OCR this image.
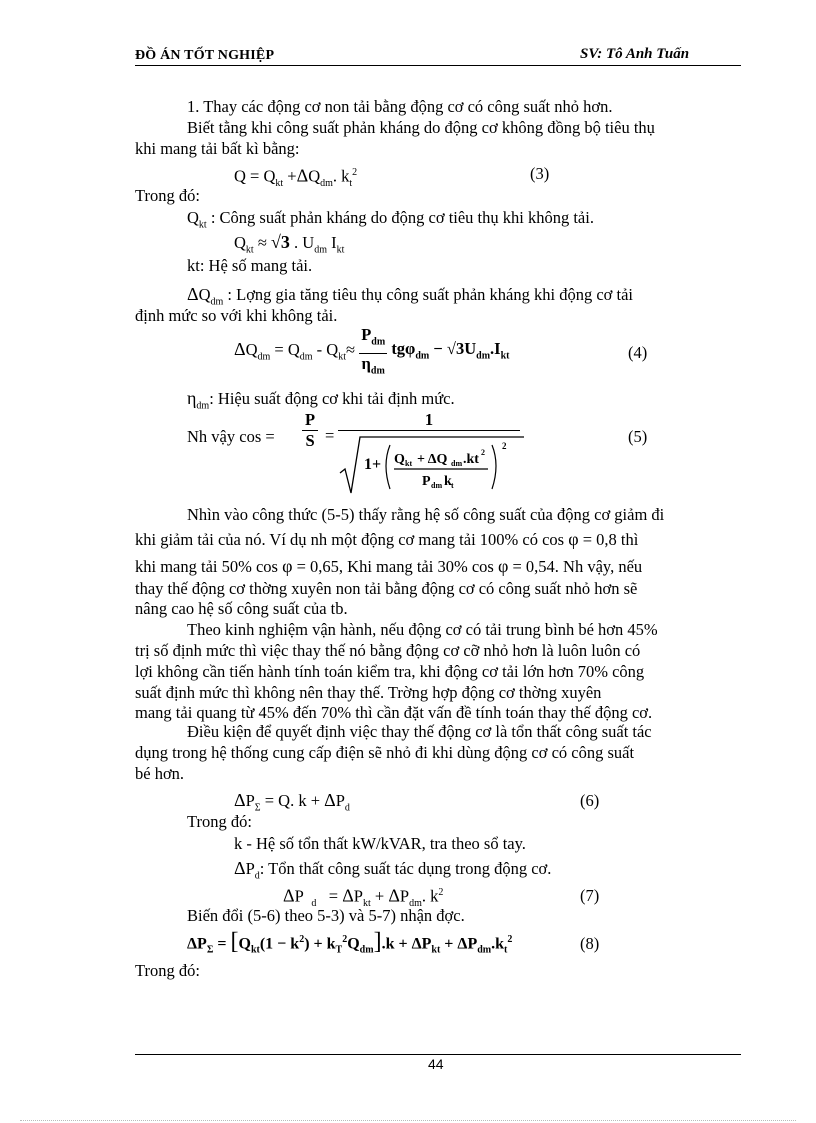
ĐỒ ÁN TỐT NGHIỆP	SV: Tô Anh Tuấn
1. Thay các động cơ non tải bằng động cơ có công suất nhỏ hơn.
Biết tằng khi công suất phản kháng do động cơ không đồng bộ tiêu thụ
khi mang tải bất kì bằng:
$Q = Q_{kt} +\Delta Q_{dm}$. $k_t^2$	(3)
Trong đó:
$Q_{kt}$ : Công suất phản kháng do động cơ tiêu thụ khi không tải.
$Q_{kt} \approx √3$ . $U_{dm}$ $I_{kt}$
kt: Hệ số mang tải.
$\Delta Q_{dm}$ : Lợng gia tăng tiêu thụ công suất phản kháng khi động cơ tải
định mức so với khi không tải.
$\Delta Q_{dm} = Q_{dm} - Q_{kt}\approx \frac{P_{dm}}{\eta_{dm}} tg\varphi_{dm} - √3U_{dm}.I_{kt}$	(4)
$\eta_{dm}$: Hiệu suất động cơ khi tải định mức.
Nh vậy cos =
P
S =
1
1+ Q kt + ΔQ dm .kt 2
P dm k t
2	(5)
Nhìn vào công thức (5-5) thấy rằng hệ số công suất của động cơ giảm đi
khi giảm tải của nó. Ví dụ nh một động cơ mang tải 100% có cos φ = 0,8 thì
khi mang tải 50% cos φ = 0,65, Khi mang tải 30% cos φ = 0,54. Nh vậy, nếu
thay thế động cơ thờng xuyên non tải bằng động cơ có công suất nhỏ hơn sẽ
nâng cao hệ số công suất của tb.
Theo kinh nghiệm vận hành, nếu động cơ có tải trung bình bé hơn 45%
trị số định mức thì việc thay thế nó bằng động cơ cỡ nhỏ hơn là luôn luôn có
lợi không cần tiến hành tính toán kiểm tra, khi động cơ tải lớn hơn 70% công
suất định mức thì không nên thay thế. Trờng hợp động cơ thờng xuyên
mang tải quang từ 45% đến 70% thì cần đặt vấn đề tính toán thay thế động cơ.
Điều kiện để quyết định việc thay thế động cơ là tổn thất công suất tác
dụng trong hệ thống cung cấp điện sẽ nhỏ đi khi dùng động cơ có công suất
bé hơn.
$\Delta P_\Sigma = Q$. $k + \Delta P_d$	(6)
Trong đó:
k - Hệ số tổn thất kW/kVAR, tra theo sổ tay.
$\Delta P_d$: Tổn thất công suất tác dụng trong động cơ.
ΔP  $_d = \Delta P_{kt} + \Delta P_{dm}$. $k^2$	(7)
Biến đổi (5-6) theo 5-3) và 5-7) nhận đợc.
$\Delta P_\Sigma = [Q_{kt}(1 - k^2) + k_T^2Q_{dm}].k + \Delta P_{kt} + \Delta P_{dm}.k_t^2$	(8)
Trong đó:
44
